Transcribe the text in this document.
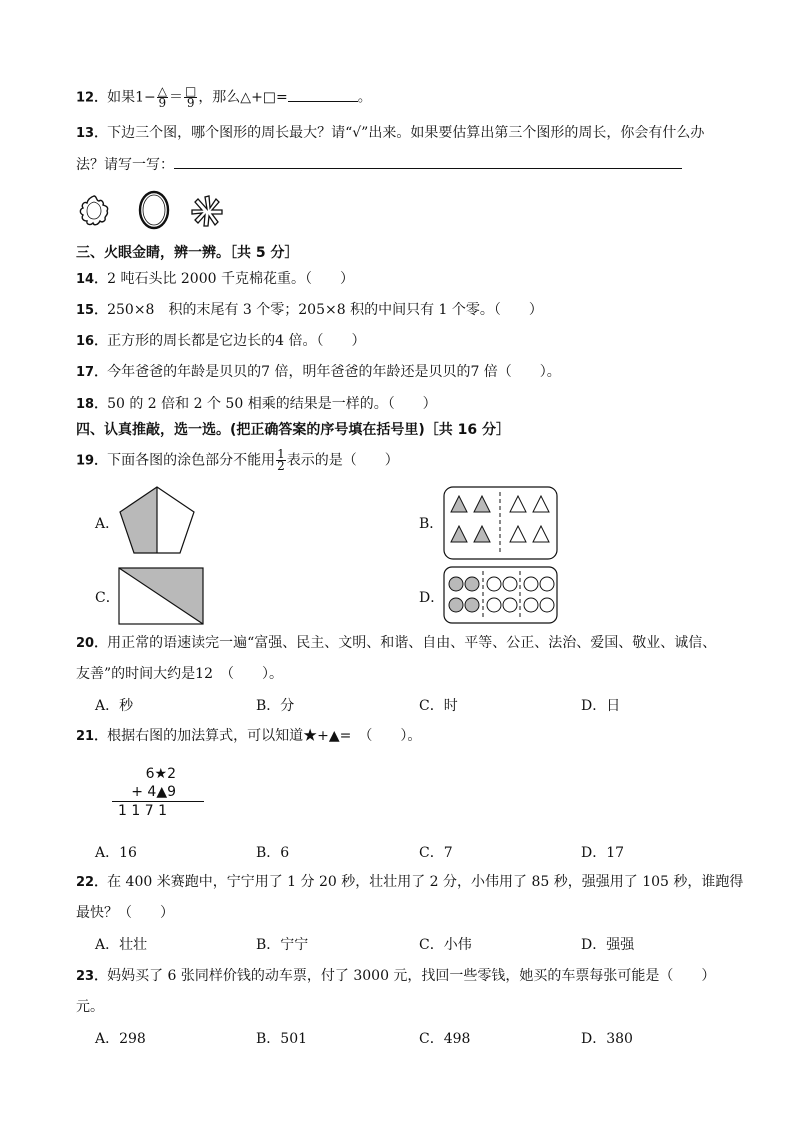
12．如果$1- \frac{\triangle}{9} = \frac{□}{9}$ ，那么△+□=	。
13．下边三个图，哪个图形的周长最大？请“√”出来。如果要估算出第三个图形的周长，你会有什么办
法？请写一写：
三、火眼金睛，辨一辨。［共 5 分］
14．2 吨石头比 2000 千克棉花重。（　　）
15．250×8　积的末尾有 3 个零；205×8 积的中间只有 1 个零。（　　）
16．正方形的周长都是它边长的4 倍。（　　）
17．今年爸爸的年龄是贝贝的7 倍，明年爸爸的年龄还是贝贝的7 倍（　　）。
18．50 的 2 倍和 2 个 50 相乘的结果是一样的。（　　）
四、认真推敲，选一选。(把正确答案的序号填在括号里)［共 16 分］
19．下面各图的涂色部分不能用 $\frac{1}{2}$ 表示的是（　　）
A．	B．
C．	D．
20．用正常的语速读完一遍“富强、民主、文明、和谐、自由、平等、公正、法治、爱国、敬业、诚信、
友善”的时间大约是12　（　　）。
A．秒	B．分	C．时	D．日
21．根据右图的加法算式，可以知道★+▲=　（　　）。
6★2
+ 4▲9
1 1 7 1
A．16	B．6	C．7	D．17
22．在 400 米赛跑中，宁宁用了 1 分 20 秒，壮壮用了 2 分，小伟用了 85 秒，强强用了 105 秒，谁跑得
最快？（　　）
A．壮壮	B．宁宁	C．小伟	D．强强
23．妈妈买了 6 张同样价钱的动车票，付了 3000 元，找回一些零钱，她买的车票每张可能是（　　）
元。
A．298	B．501	C．498	D．380
